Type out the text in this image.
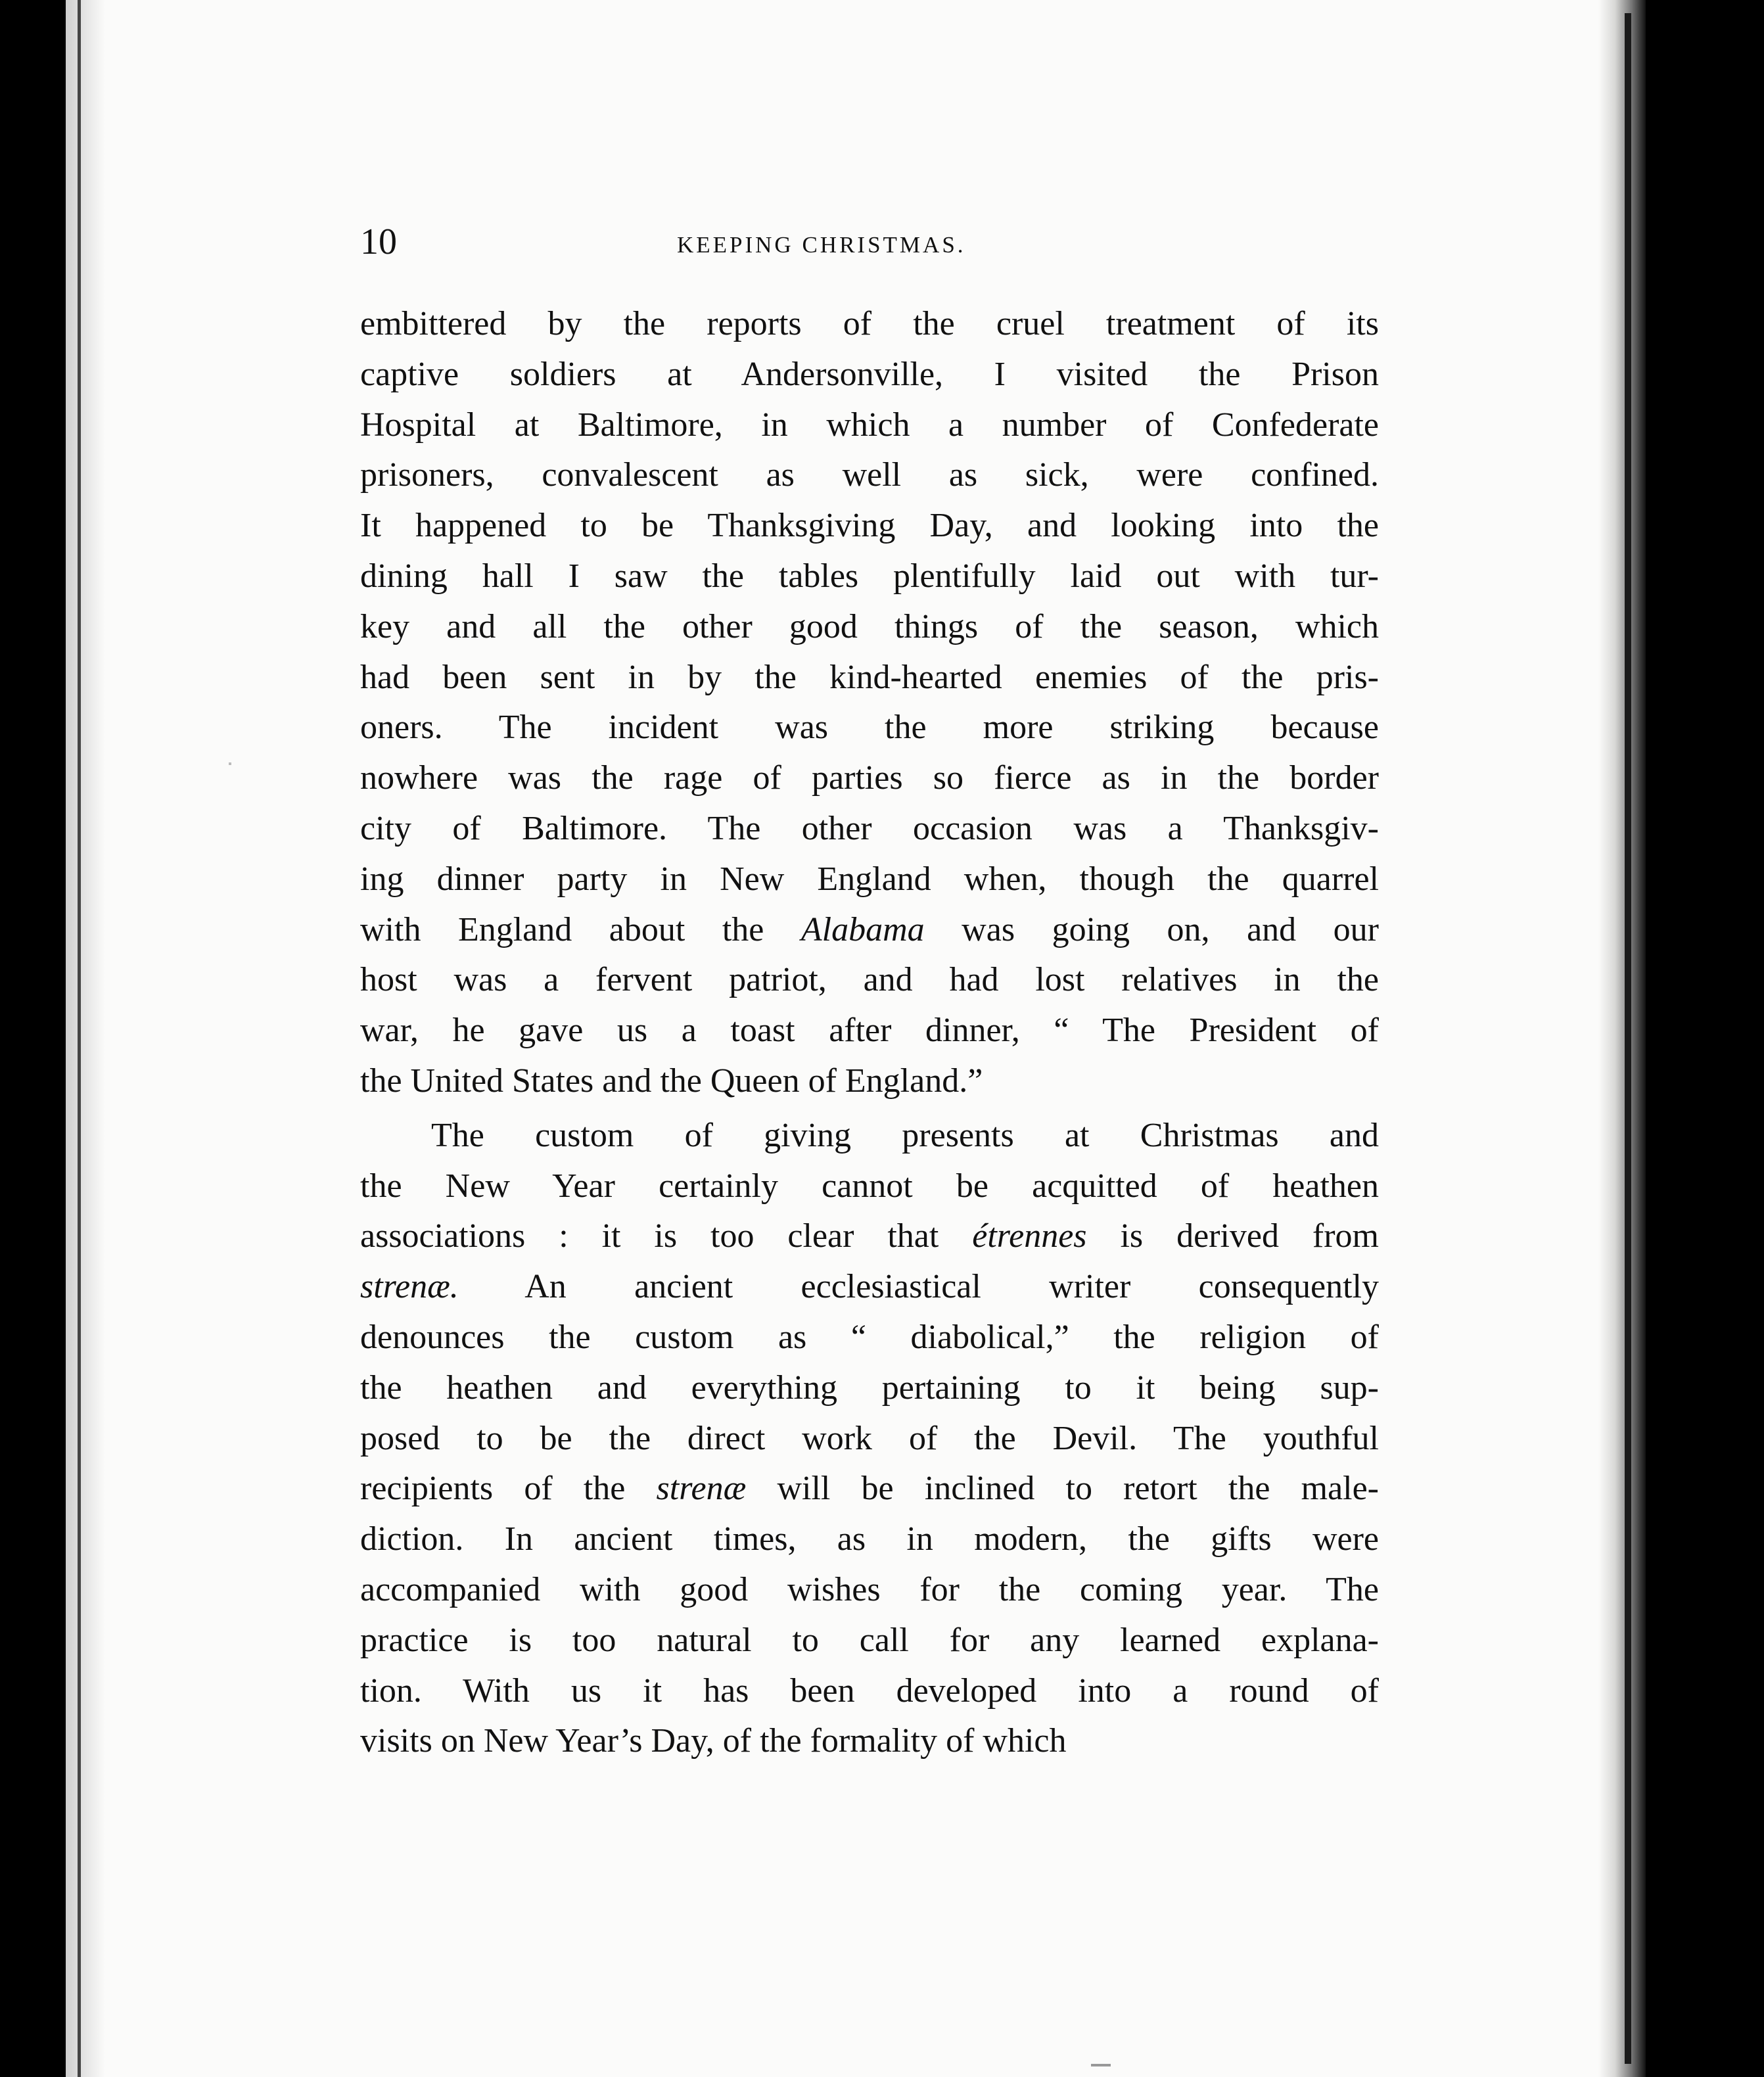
10	KEEPING CHRISTMAS.
embittered by the reports of the cruel treatment of its
captive soldiers at Andersonville, I visited the Prison
Hospital at Baltimore, in which a number of Confederate
prisoners, convalescent as well as sick, were confined.
It happened to be Thanksgiving Day, and looking into the
dining hall I saw the tables plentifully laid out with tur-
key and all the other good things of the season, which
had been sent in by the kind-hearted enemies of the pris-
oners. The incident was the more striking because
nowhere was the rage of parties so fierce as in the border
city of Baltimore. The other occasion was a Thanksgiv-
ing dinner party in New England when, though the quarrel
with England about the Alabama was going on, and our
host was a fervent patriot, and had lost relatives in the
war, he gave us a toast after dinner, “ The President of
the United States and the Queen of England.”
The custom of giving presents at Christmas and
the New Year certainly cannot be acquitted of heathen
associations : it is too clear that étrennes is derived from
strenæ. An ancient ecclesiastical writer consequently
denounces the custom as “ diabolical,” the religion of
the heathen and everything pertaining to it being sup-
posed to be the direct work of the Devil. The youthful
recipients of the strenæ will be inclined to retort the male-
diction. In ancient times, as in modern, the gifts were
accompanied with good wishes for the coming year. The
practice is too natural to call for any learned explana-
tion. With us it has been developed into a round of
visits on New Year’s Day, of the formality of which
